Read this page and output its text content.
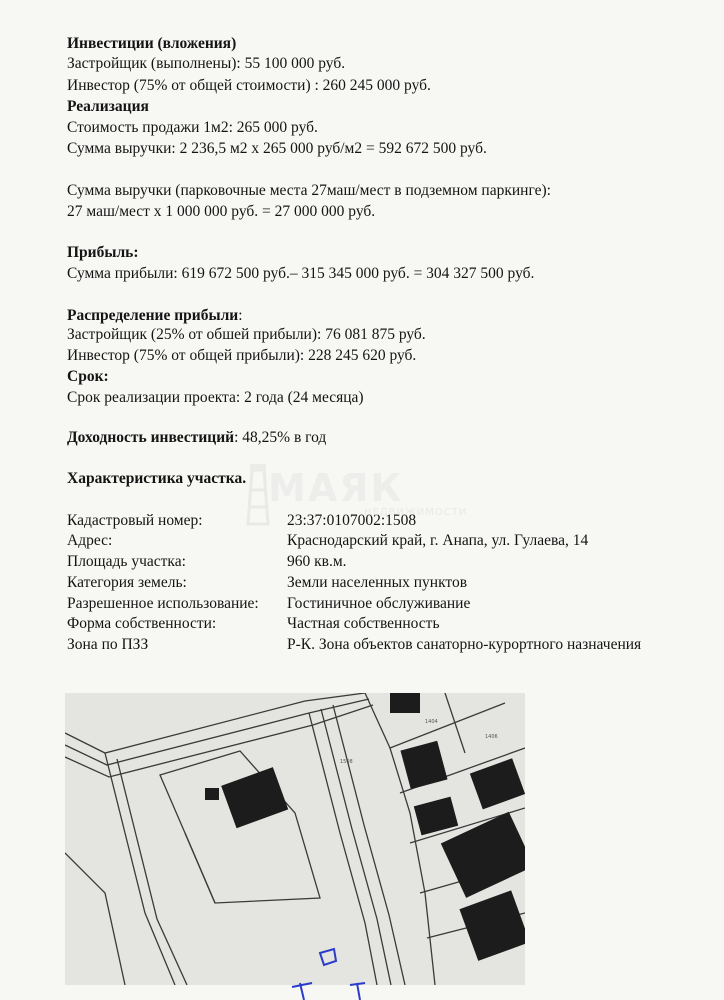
Инвестиции (вложения)
Застройщик (выполнены): 55 100 000 руб.
Инвестор (75% от общей стоимости) : 260 245 000 руб.
Реализация
Стоимость продажи 1м2: 265 000 руб.
Сумма выручки: 2 236,5 м2 х 265 000 руб/м2 = 592 672 500 руб.
Сумма выручки (парковочные места 27маш/мест в подземном паркинге):
27 маш/мест х 1 000 000 руб. = 27 000 000 руб.
Прибыль:
Сумма прибыли: 619 672 500 руб.– 315 345 000 руб. = 304 327 500 руб.
Распределение прибыли:
Застройщик (25% от обшей прибыли): 76 081 875 руб.
Инвестор (75% от общей прибыли): 228 245 620 руб.
Срок:
Срок реализации проекта: 2 года (24 месяца)
Доходность инвестиций: 48,25% в год
Характеристика участка.
Кадастровый номер:	23:37:0107002:1508
Адрес:	Краснодарский край, г. Анапа, ул. Гулаева, 14
Площадь участка:	960 кв.м.
Категория земель:	Земли населенных пунктов
Разрешенное использование: Гостиничное обслуживание
Форма собственности:	Частная собственность
Зона по ПЗЗ	Р-К. Зона объектов санаторно-курортного назначения
МАЯК
НЕДВИЖИМОСТИ
1404
1406
1508
